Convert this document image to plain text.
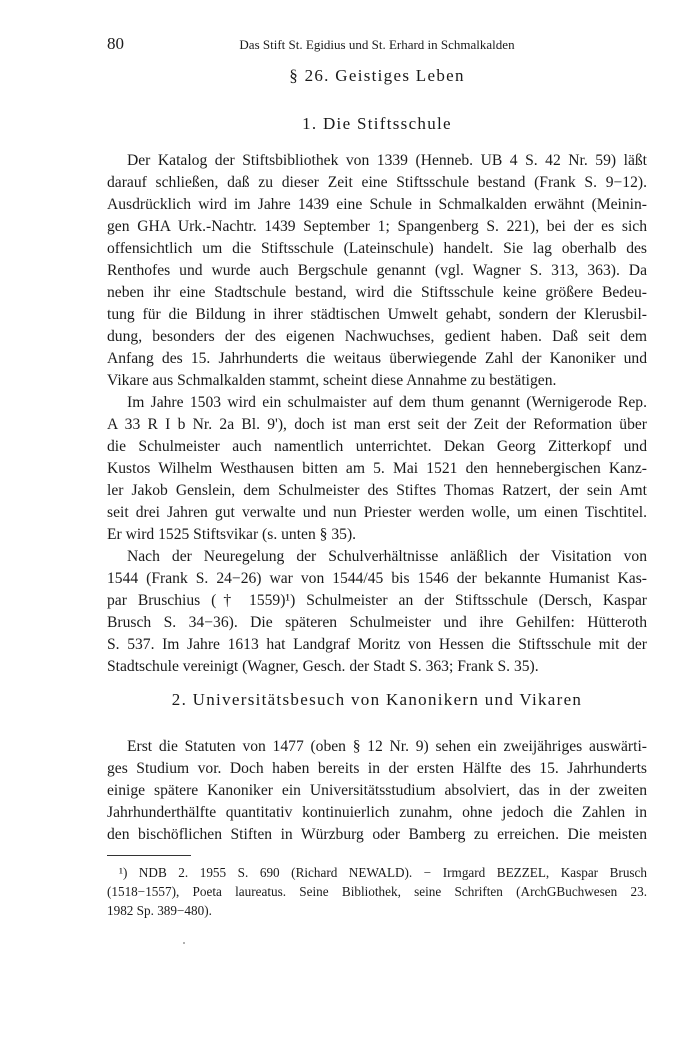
80	Das Stift St. Egidius und St. Erhard in Schmalkalden
§ 26. Geistiges Leben
1. Die Stiftsschule
Der Katalog der Stiftsbibliothek von 1339 (Henneb. UB 4 S. 42 Nr. 59) läßt
darauf schließen, daß zu dieser Zeit eine Stiftsschule bestand (Frank S. 9−12).
Ausdrücklich wird im Jahre 1439 eine Schule in Schmalkalden erwähnt (Meinin-
gen GHA Urk.-Nachtr. 1439 September 1; Spangenberg S. 221), bei der es sich
offensichtlich um die Stiftsschule (Lateinschule) handelt. Sie lag oberhalb des
Renthofes und wurde auch Bergschule genannt (vgl. Wagner S. 313, 363). Da
neben ihr eine Stadtschule bestand, wird die Stiftsschule keine größere Bedeu-
tung für die Bildung in ihrer städtischen Umwelt gehabt, sondern der Klerusbil-
dung, besonders der des eigenen Nachwuchses, gedient haben. Daß seit dem
Anfang des 15. Jahrhunderts die weitaus überwiegende Zahl der Kanoniker und
Vikare aus Schmalkalden stammt, scheint diese Annahme zu bestätigen.
Im Jahre 1503 wird ein schulmaister auf dem thum genannt (Wernigerode Rep.
A 33 R I b Nr. 2a Bl. 9'), doch ist man erst seit der Zeit der Reformation über
die Schulmeister auch namentlich unterrichtet. Dekan Georg Zitterkopf und
Kustos Wilhelm Westhausen bitten am 5. Mai 1521 den hennebergischen Kanz-
ler Jakob Genslein, dem Schulmeister des Stiftes Thomas Ratzert, der sein Amt
seit drei Jahren gut verwalte und nun Priester werden wolle, um einen Tischtitel.
Er wird 1525 Stiftsvikar (s. unten § 35).
Nach der Neuregelung der Schulverhältnisse anläßlich der Visitation von
1544 (Frank S. 24−26) war von 1544/45 bis 1546 der bekannte Humanist Kas-
par Bruschius († 1559)¹) Schulmeister an der Stiftsschule (Dersch, Kaspar
Brusch S. 34−36). Die späteren Schulmeister und ihre Gehilfen: Hütteroth
S. 537. Im Jahre 1613 hat Landgraf Moritz von Hessen die Stiftsschule mit der
Stadtschule vereinigt (Wagner, Gesch. der Stadt S. 363; Frank S. 35).
2. Universitätsbesuch von Kanonikern und Vikaren
Erst die Statuten von 1477 (oben § 12 Nr. 9) sehen ein zweijähriges auswärti-
ges Studium vor. Doch haben bereits in der ersten Hälfte des 15. Jahrhunderts
einige spätere Kanoniker ein Universitätsstudium absolviert, das in der zweiten
Jahrhunderthälfte quantitativ kontinuierlich zunahm, ohne jedoch die Zahlen in
den bischöflichen Stiften in Würzburg oder Bamberg zu erreichen. Die meisten
¹) NDB 2. 1955 S. 690 (Richard NEWALD). − Irmgard BEZZEL, Kaspar Brusch
(1518−1557), Poeta laureatus. Seine Bibliothek, seine Schriften (ArchGBuchwesen 23.
1982 Sp. 389−480).
